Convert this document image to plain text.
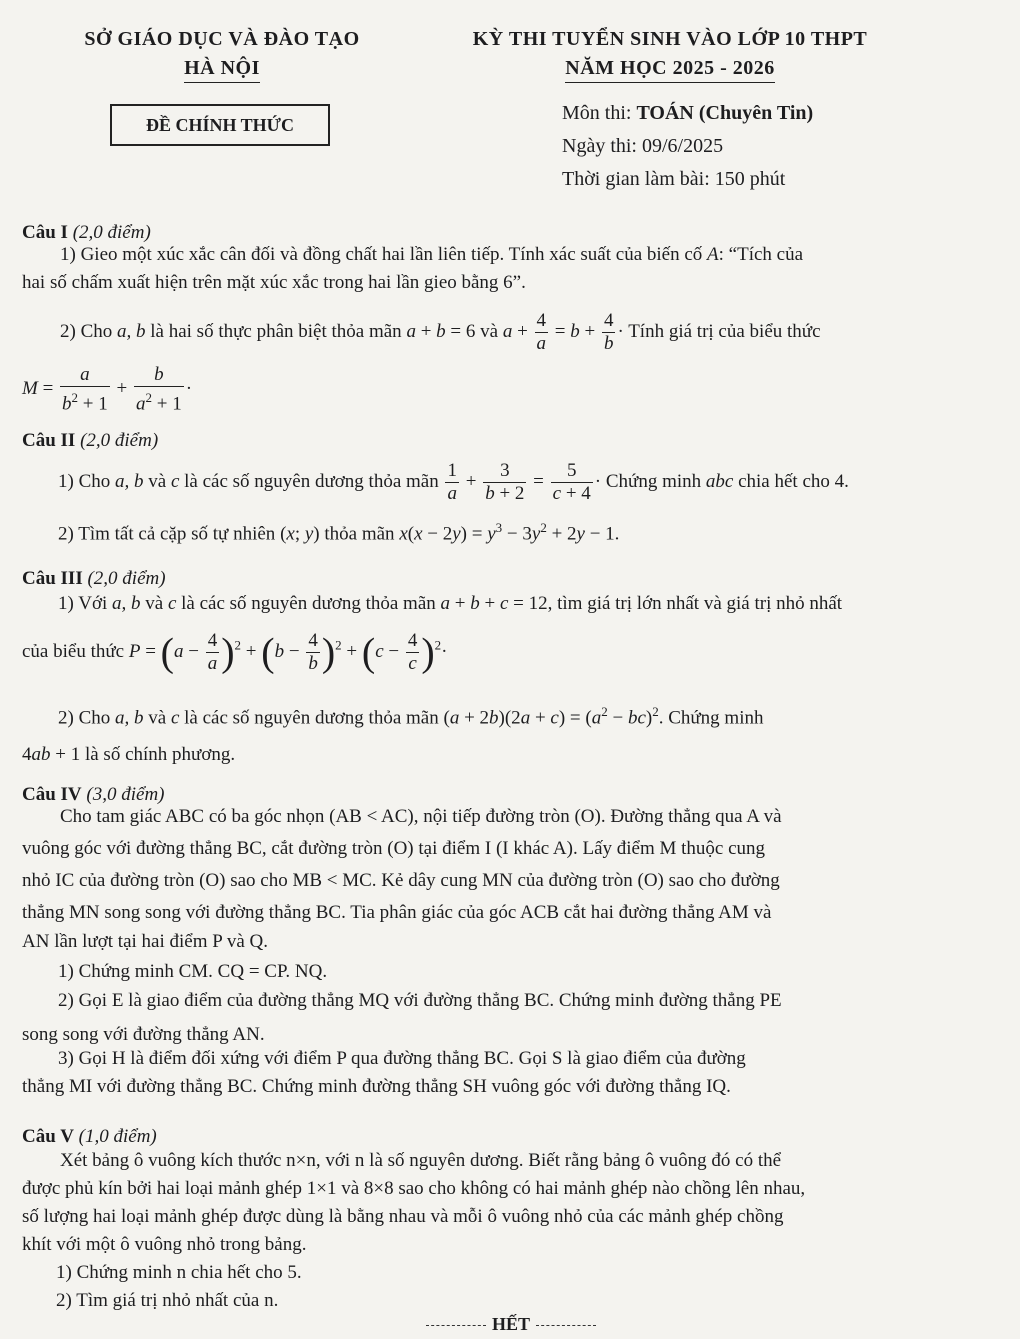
SỞ GIÁO DỤC VÀ ĐÀO TẠO
HÀ NỘI
KỲ THI TUYỂN SINH VÀO LỚP 10 THPT
NĂM HỌC 2025 - 2026
ĐỀ CHÍNH THỨC
Môn thi: TOÁN (Chuyên Tin)
Ngày thi: 09/6/2025
Thời gian làm bài: 150 phút
Câu I (2,0 điểm)
1) Gieo một xúc xắc cân đối và đồng chất hai lần liên tiếp. Tính xác suất của biến cố A: “Tích của
hai số chấm xuất hiện trên mặt xúc xắc trong hai lần gieo bằng 6”.
2) Cho a, b là hai số thực phân biệt thỏa mãn a + b = 6 và $a + \frac{4}{a} = b + \frac{4}{b}$ · Tính giá trị của biểu thức
$M = \frac{a}{b^2 + 1} + \frac{b}{a^2 + 1}$ ·
Câu II (2,0 điểm)
1) Cho a, b và c là các số nguyên dương thỏa mãn $\frac{1}{a} + \frac{3}{b + 2} = \frac{5}{c + 4}$ · Chứng minh abc chia hết cho 4.
2) Tìm tất cả cặp số tự nhiên (x; y) thỏa mãn $x(x - 2y) = y^3 - 3y^2 + 2y - 1$.
Câu III (2,0 điểm)
1) Với a, b và c là các số nguyên dương thỏa mãn a + b + c = 12, tìm giá trị lớn nhất và giá trị nhỏ nhất
của biểu thức $P = (a - \frac{4}{a} )^2 + (b - \frac{4}{b} )^2 + (c - \frac{4}{c} )^2\cdot$
2) Cho a, b và c là các số nguyên dương thỏa mãn $(a + 2b)(2a + c) = (a^2 - bc)^2$. Chứng minh
4ab + 1 là số chính phương.
Câu IV (3,0 điểm)
Cho tam giác ABC có ba góc nhọn (AB < AC), nội tiếp đường tròn (O). Đường thẳng qua A và
vuông góc với đường thẳng BC, cắt đường tròn (O) tại điểm I (I khác A). Lấy điểm M thuộc cung
nhỏ IC của đường tròn (O) sao cho MB < MC. Kẻ dây cung MN của đường tròn (O) sao cho đường
thẳng MN song song với đường thẳng BC. Tia phân giác của góc ACB cắt hai đường thẳng AM và
AN lần lượt tại hai điểm P và Q.
1) Chứng minh CM. CQ = CP. NQ.
2) Gọi E là giao điểm của đường thẳng MQ với đường thẳng BC. Chứng minh đường thẳng PE
song song với đường thẳng AN.
3) Gọi H là điểm đối xứng với điểm P qua đường thẳng BC. Gọi S là giao điểm của đường
thẳng MI với đường thẳng BC. Chứng minh đường thẳng SH vuông góc với đường thẳng IQ.
Câu V (1,0 điểm)
Xét bảng ô vuông kích thước n×n, với n là số nguyên dương. Biết rằng bảng ô vuông đó có thể
được phủ kín bởi hai loại mảnh ghép 1×1 và 8×8 sao cho không có hai mảnh ghép nào chồng lên nhau,
số lượng hai loại mảnh ghép được dùng là bằng nhau và mỗi ô vuông nhỏ của các mảnh ghép chồng
khít với một ô vuông nhỏ trong bảng.
1) Chứng minh n chia hết cho 5.
2) Tìm giá trị nhỏ nhất của n.
HẾT
